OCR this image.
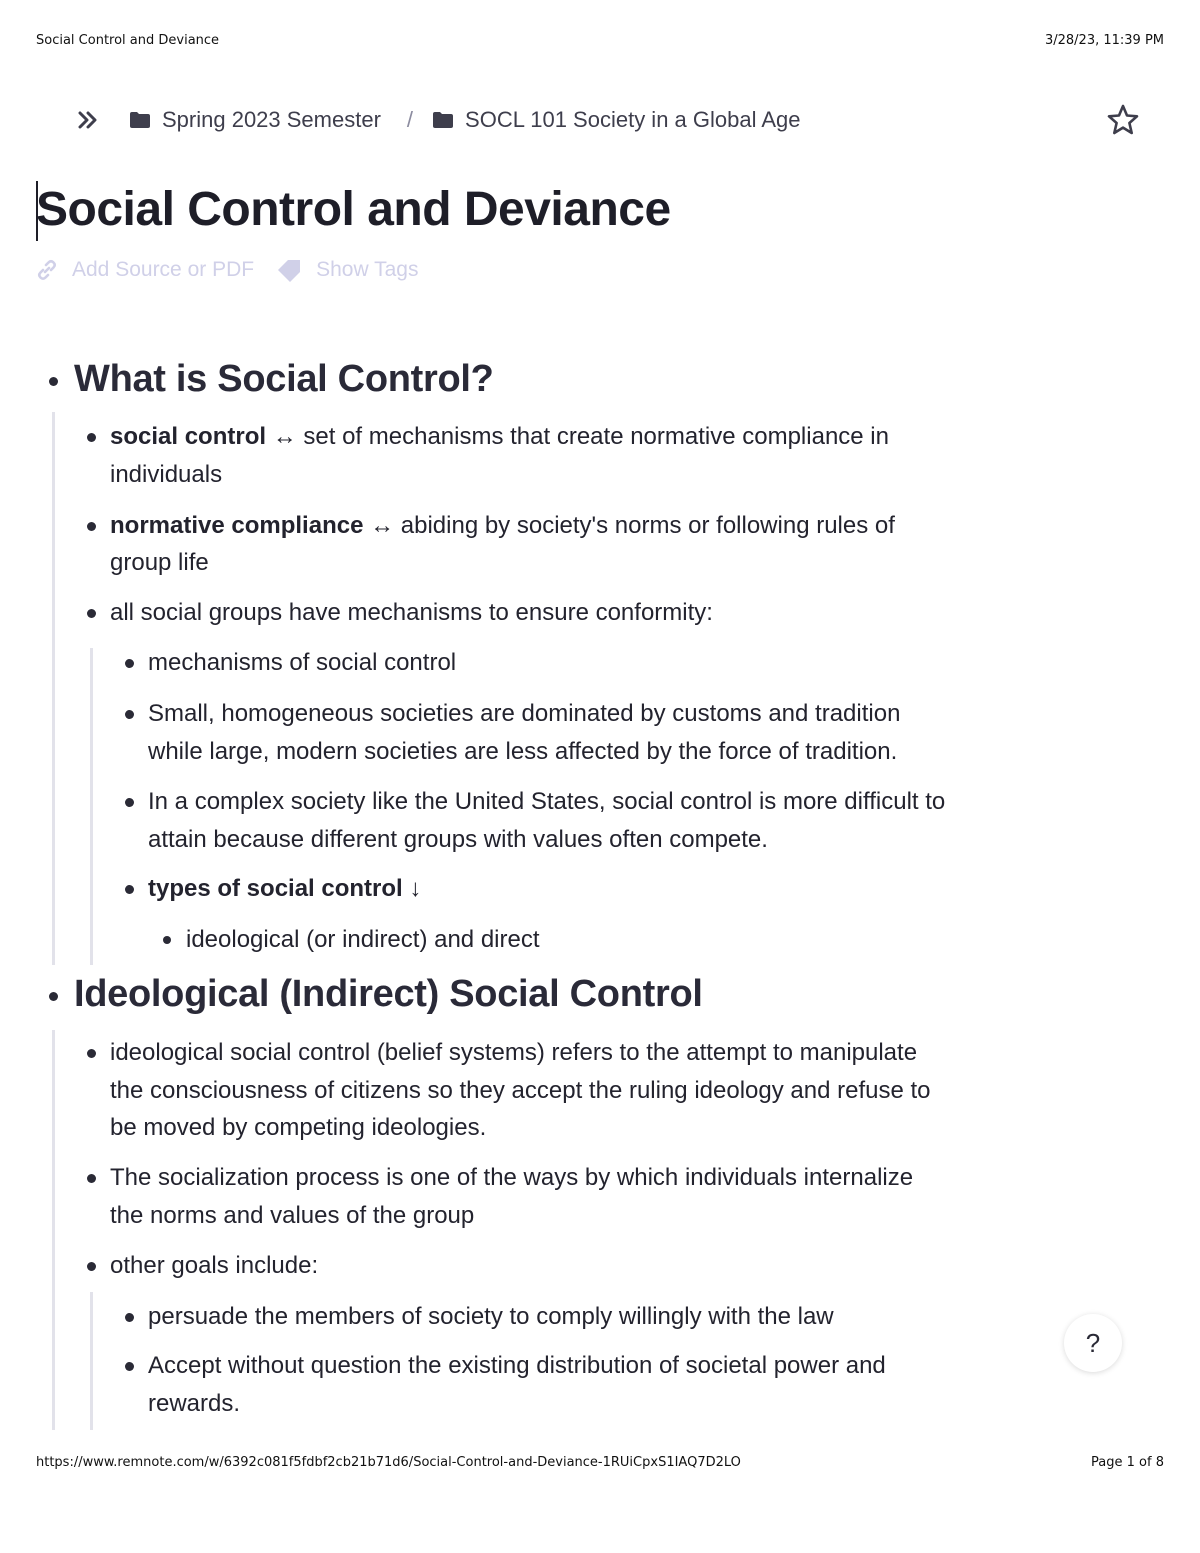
Social Control and Deviance	3/28/23, 11:39 PM
Spring 2023 Semester / SOCL 101 Society in a Global Age
Social Control and Deviance
Add Source or PDF	Show Tags
What is Social Control?
social control ↔ set of mechanisms that create normative compliance in
individuals
normative compliance ↔ abiding by society's norms or following rules of
group life
all social groups have mechanisms to ensure conformity:
mechanisms of social control
Small, homogeneous societies are dominated by customs and tradition
while large, modern societies are less affected by the force of tradition.
In a complex society like the United States, social control is more difficult to
attain because different groups with values often compete.
types of social control ↓
ideological (or indirect) and direct
Ideological (Indirect) Social Control
ideological social control (belief systems) refers to the attempt to manipulate
the consciousness of citizens so they accept the ruling ideology and refuse to
be moved by competing ideologies.
The socialization process is one of the ways by which individuals internalize
the norms and values of the group
other goals include:
persuade the members of society to comply willingly with the law
Accept without question the existing distribution of societal power and
rewards.
?
https://www.remnote.com/w/6392c081f5fdbf2cb21b71d6/Social-Control-and-Deviance-1RUiCpxS1IAQ7D2LO	Page 1 of 8
